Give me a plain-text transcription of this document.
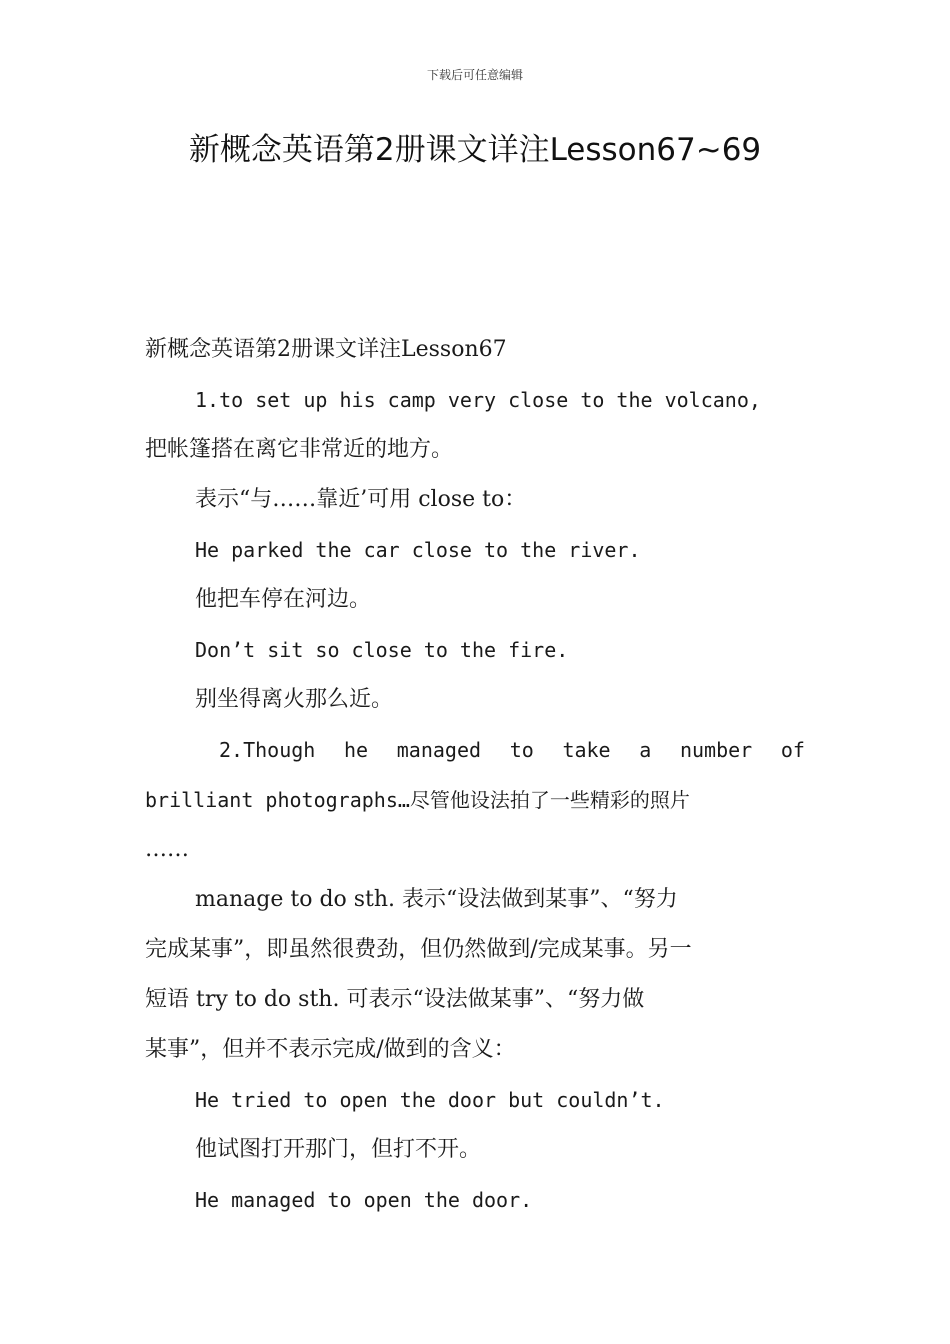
下载后可任意编辑
新概念英语第2册课文详注Lesson67~69
新概念英语第2册课文详注Lesson67
1.to set up his camp very close to the volcano,
把帐篷搭在离它非常近的地方。
表示“与……靠近’可用 close to：
He parked the car close to the river.
他把车停在河边。
Don’t sit so close to the fire.
别坐得离火那么近。
2.Though he managed to take a number of
brilliant photographs…尽管他设法拍了一些精彩的照片
……
manage to do sth. 表示“设法做到某事”、“努力
完成某事”，即虽然很费劲，但仍然做到/完成某事。另一
短语 try to do sth. 可表示“设法做某事”、“努力做
某事”，但并不表示完成/做到的含义：
He tried to open the door but couldn’t.
他试图打开那门，但打不开。
He managed to open the door.
